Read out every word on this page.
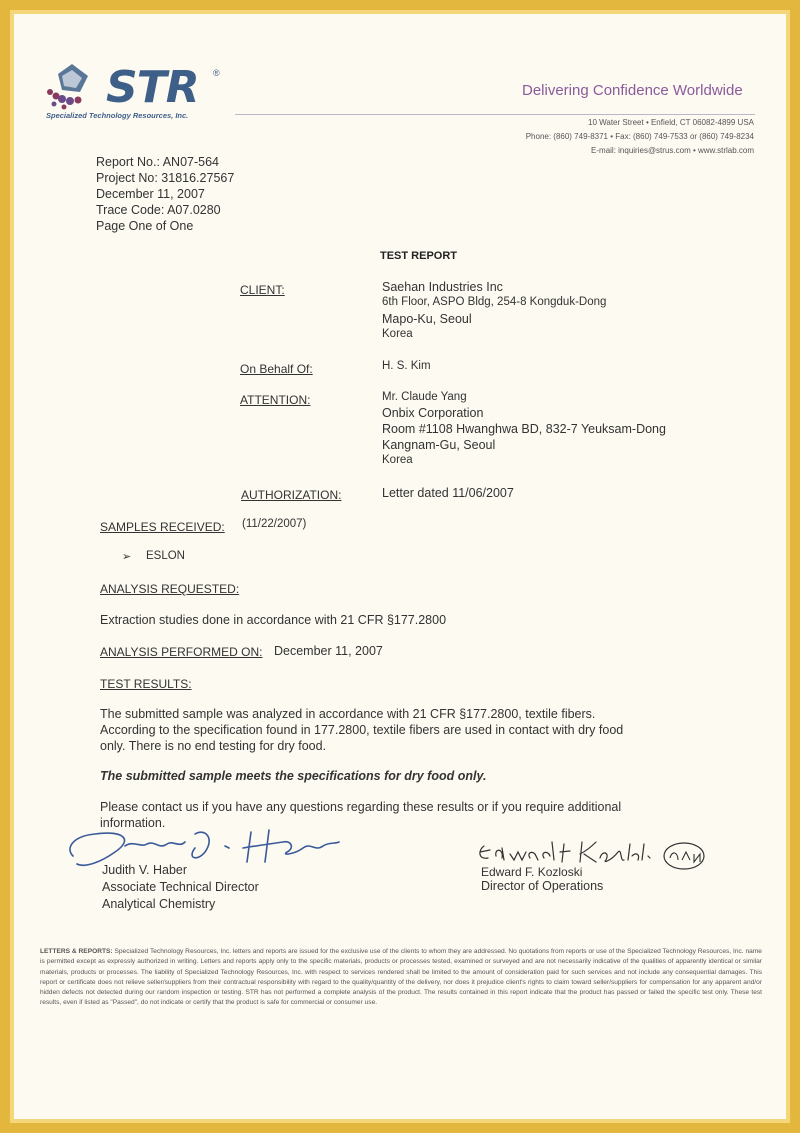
STR ®
Specialized Technology Resources, Inc.
Delivering Confidence Worldwide
10 Water Street • Enfield, CT 06082-4899 USA
Phone: (860) 749-8371 • Fax: (860) 749-7533 or (860) 749-8234
E-mail: inquiries@strus.com • www.strlab.com
Report No.: AN07-564
Project No: 31816.27567
December 11, 2007
Trace Code: A07.0280
Page One of One
TEST REPORT
CLIENT:	Saehan Industries Inc
6th Floor, ASPO Bldg, 254-8 Kongduk-Dong
Mapo-Ku, Seoul
Korea
On Behalf Of:	H. S. Kim
ATTENTION:	Mr. Claude Yang
Onbix Corporation
Room #1108 Hwanghwa BD, 832-7 Yeuksam-Dong
Kangnam-Gu, Seoul
Korea
AUTHORIZATION:	Letter dated 11/06/2007
SAMPLES RECEIVED: (11/22/2007)
➢ ESLON
ANALYSIS REQUESTED:
Extraction studies done in accordance with 21 CFR §177.2800
ANALYSIS PERFORMED ON: December 11, 2007
TEST RESULTS:
The submitted sample was analyzed in accordance with 21 CFR §177.2800, textile fibers.
According to the specification found in 177.2800, textile fibers are used in contact with dry food
only. There is no end testing for dry food.
The submitted sample meets the specifications for dry food only.
Please contact us if you have any questions regarding these results or if you require additional
information.
Judith V. Haber
Associate Technical Director
Analytical Chemistry
Edward F. Kozloski
Director of Operations
LETTERS & REPORTS: Specialized Technology Resources, Inc. letters and reports are issued for the exclusive use of the clients to whom they are addressed. No quotations from reports or use of the Specialized Technology Resources, Inc. name is permitted except as expressly authorized in writing. Letters and reports apply only to the specific materials, products or processes tested, examined or surveyed and are not necessarily indicative of the qualities of apparently identical or similar materials, products or processes. The liability of Specialized Technology Resources, Inc. with respect to services rendered shall be limited to the amount of consideration paid for such services and not include any consequential damages. This report or certificate does not relieve seller/suppliers from their contractual responsibility with regard to the quality/quantity of the delivery, nor does it prejudice client's rights to claim toward seller/suppliers for compensation for any apparent and/or hidden defects not detected during our random inspection or testing. STR has not performed a complete analysis of the product. The results contained in this report indicate that the product has passed or failed the specific test only. These test results, even if listed as "Passed", do not indicate or certify that the product is safe for commercial or consumer use.
